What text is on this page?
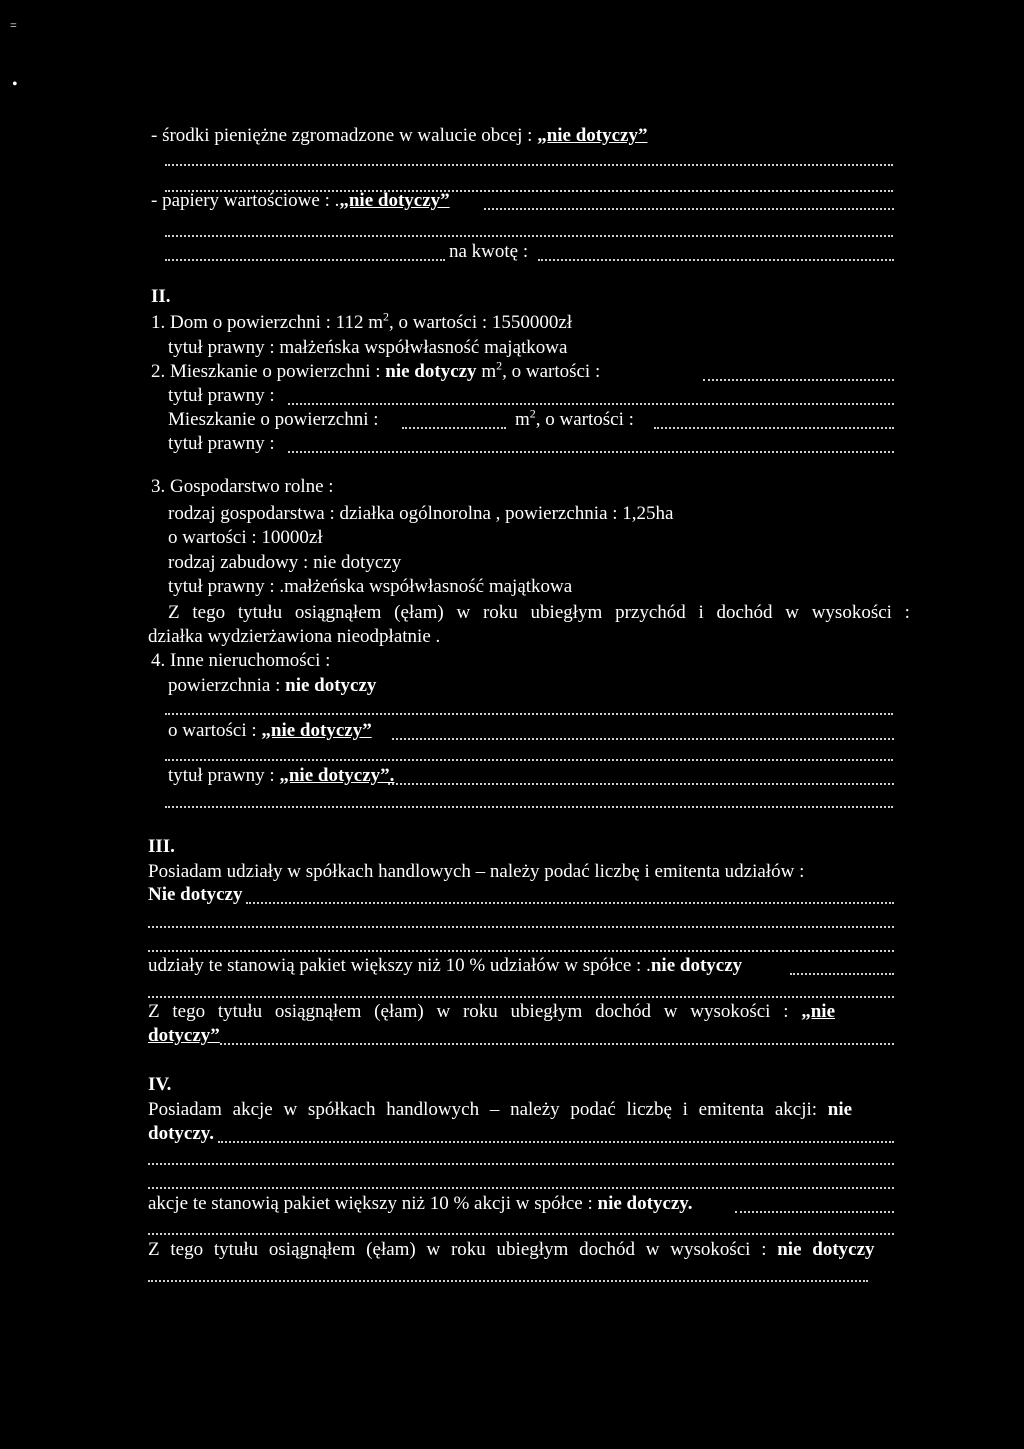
=
•
- środki pieniężne zgromadzone w walucie obcej : „nie dotyczy”
- papiery wartościowe : .„nie dotyczy”
na kwotę :
II.
1. Dom o powierzchni : 112 $m^2$, o wartości : 1550000zł
tytuł prawny : małżeńska współwłasność majątkowa
2. Mieszkanie o powierzchni : nie dotyczy $m^2$, o wartości :
tytuł prawny :
Mieszkanie o powierzchni :	$m^2$, o wartości :
tytuł prawny :
3. Gospodarstwo rolne :
rodzaj gospodarstwa : działka ogólnorolna , powierzchnia : 1,25ha
o wartości : 10000zł
rodzaj zabudowy : nie dotyczy
tytuł prawny : .małżeńska współwłasność majątkowa
Z tego tytułu osiągnąłem (ęłam) w roku ubiegłym przychód i dochód w wysokości :
działka wydzierżawiona nieodpłatnie .
4. Inne nieruchomości :
powierzchnia : nie dotyczy
o wartości : „nie dotyczy”
tytuł prawny : „nie dotyczy”.
III.
Posiadam udziały w spółkach handlowych – należy podać liczbę i emitenta udziałów :
Nie dotyczy
udziały te stanowią pakiet większy niż 10 % udziałów w spółce : .nie dotyczy
Z tego tytułu osiągnąłem (ęłam) w roku ubiegłym dochód w wysokości : „nie
dotyczy”
IV.
Posiadam akcje w spółkach handlowych – należy podać liczbę i emitenta akcji: nie
dotyczy.
akcje te stanowią pakiet większy niż 10 % akcji w spółce : nie dotyczy.
Z tego tytułu osiągnąłem (ęłam) w roku ubiegłym dochód w wysokości : nie dotyczy
